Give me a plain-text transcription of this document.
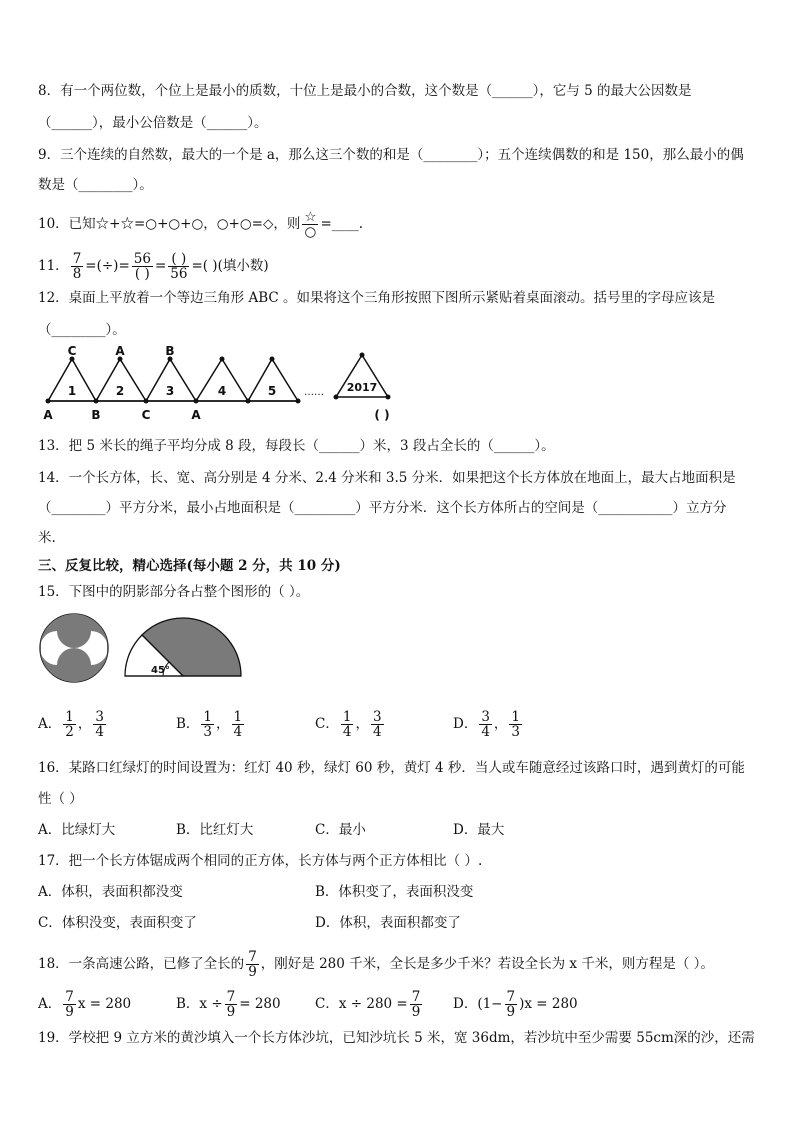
8．有一个两位数，个位上是最小的质数，十位上是最小的合数，这个数是（______），它与 5 的最大公因数是
（______），最小公倍数是（______）。
9．三个连续的自然数，最大的一个是 a，那么这三个数的和是（________）；五个连续偶数的和是 150，那么最小的偶
数是（________）。
10．已知☆+☆=○+○+○，○+○=◇，则 $\frac{☆}{○}$ =____.
11． $\frac{7}{8}$ =(÷)= $\frac{56}{( )} = \frac{( )}{56}$ =( )(填小数)
12．桌面上平放着一个等边三角形 ABC 。如果将这个三角形按照下图所示紧贴着桌面滚动。括号里的字母应该是
（________）。
C	A	B
A	B	C	A
1	2	3	4	5	…… 2017
( )
13．把 5 米长的绳子平均分成 8 段，每段长（______）米，3 段占全长的（______）。
14．一个长方体，长、宽、高分别是 4 分米、2.4 分米和 3.5 分米．如果把这个长方体放在地面上，最大占地面积是
（________）平方分米，最小占地面积是（_________）平方分米．这个长方体所占的空间是（___________）立方分
米.
三、反复比较，精心选择(每小题 2 分，共 10 分)
15．下图中的阴影部分各占整个图形的（ ）。
45°
A． $\frac{1}{2}$ ， $\frac{3}{4}$	B． $\frac{1}{3}$ ， $\frac{1}{4}$	C． $\frac{1}{4}$ ， $\frac{3}{4}$	D． $\frac{3}{4}$ ， $\frac{1}{3}$
16．某路口红绿灯的时间设置为：红灯 40 秒，绿灯 60 秒，黄灯 4 秒．当人或车随意经过该路口时，遇到黄灯的可能
性（ ）
A．比绿灯大	B．比红灯大	C．最小	D．最大
17．把一个长方体锯成两个相同的正方体，长方体与两个正方体相比（ ）.
A．体积，表面积都没变	B．体积变了，表面积没变
C．体积没变，表面积变了	D．体积，表面积都变了
18．一条高速公路，已修了全长的 $\frac{7}{9}$ ，刚好是 280 千米，全长是多少千米？若设全长为 x 千米，则方程是（ ）。
A． $\frac{7}{9}$ x = 280	B．$x \div \frac{7}{9} = 280$	C．$x \div 280 = \frac{7}{9}$ D．$(1- \frac{7}{9} )x = 280$
19．学校把 9 立方米的黄沙填入一个长方体沙坑，已知沙坑长 5 米，宽 36dm，若沙坑中至少需要 55cm深的沙，还需
